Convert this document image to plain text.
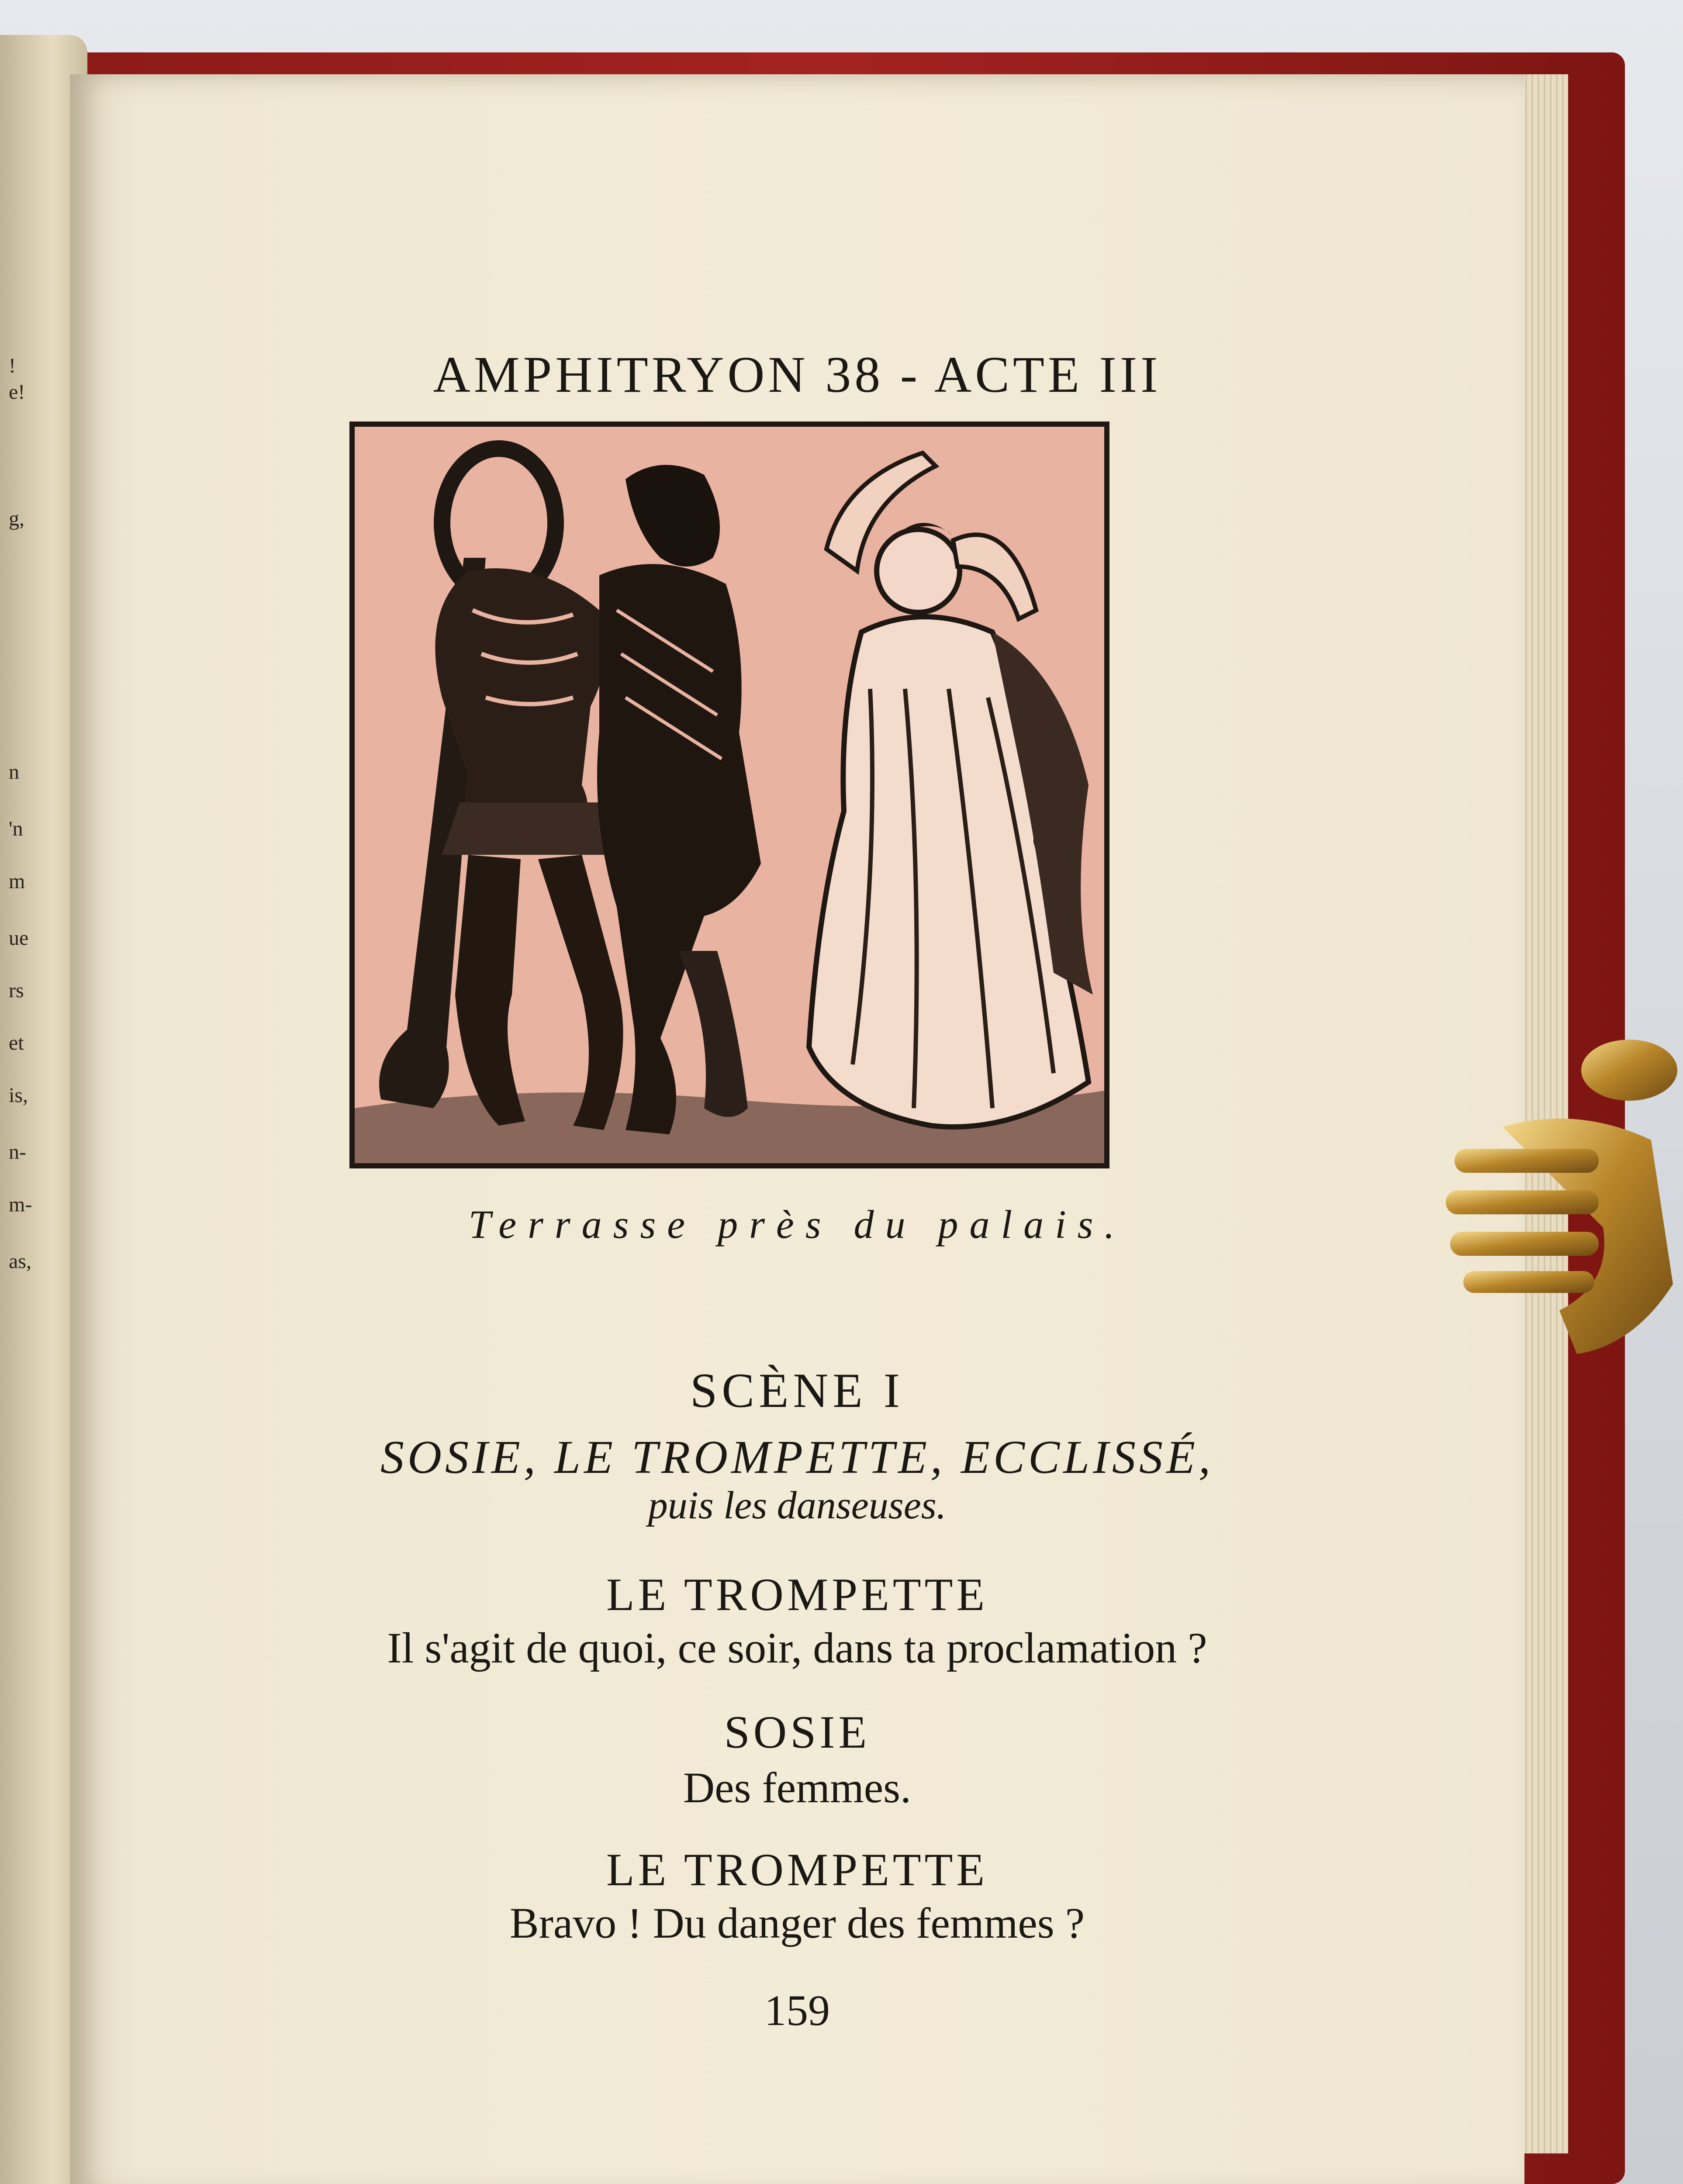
!
e!
g,
n
'n
m
ue
rs
et
is,
n-
m-
as,
AMPHITRYON 38 - ACTE III
Terrasse près du palais.
SCÈNE I
SOSIE, LE TROMPETTE, ECCLISSÉ,
puis les danseuses.
LE TROMPETTE
Il s'agit de quoi, ce soir, dans ta proclamation ?
SOSIE
Des femmes.
LE TROMPETTE
Bravo ! Du danger des femmes ?
159
